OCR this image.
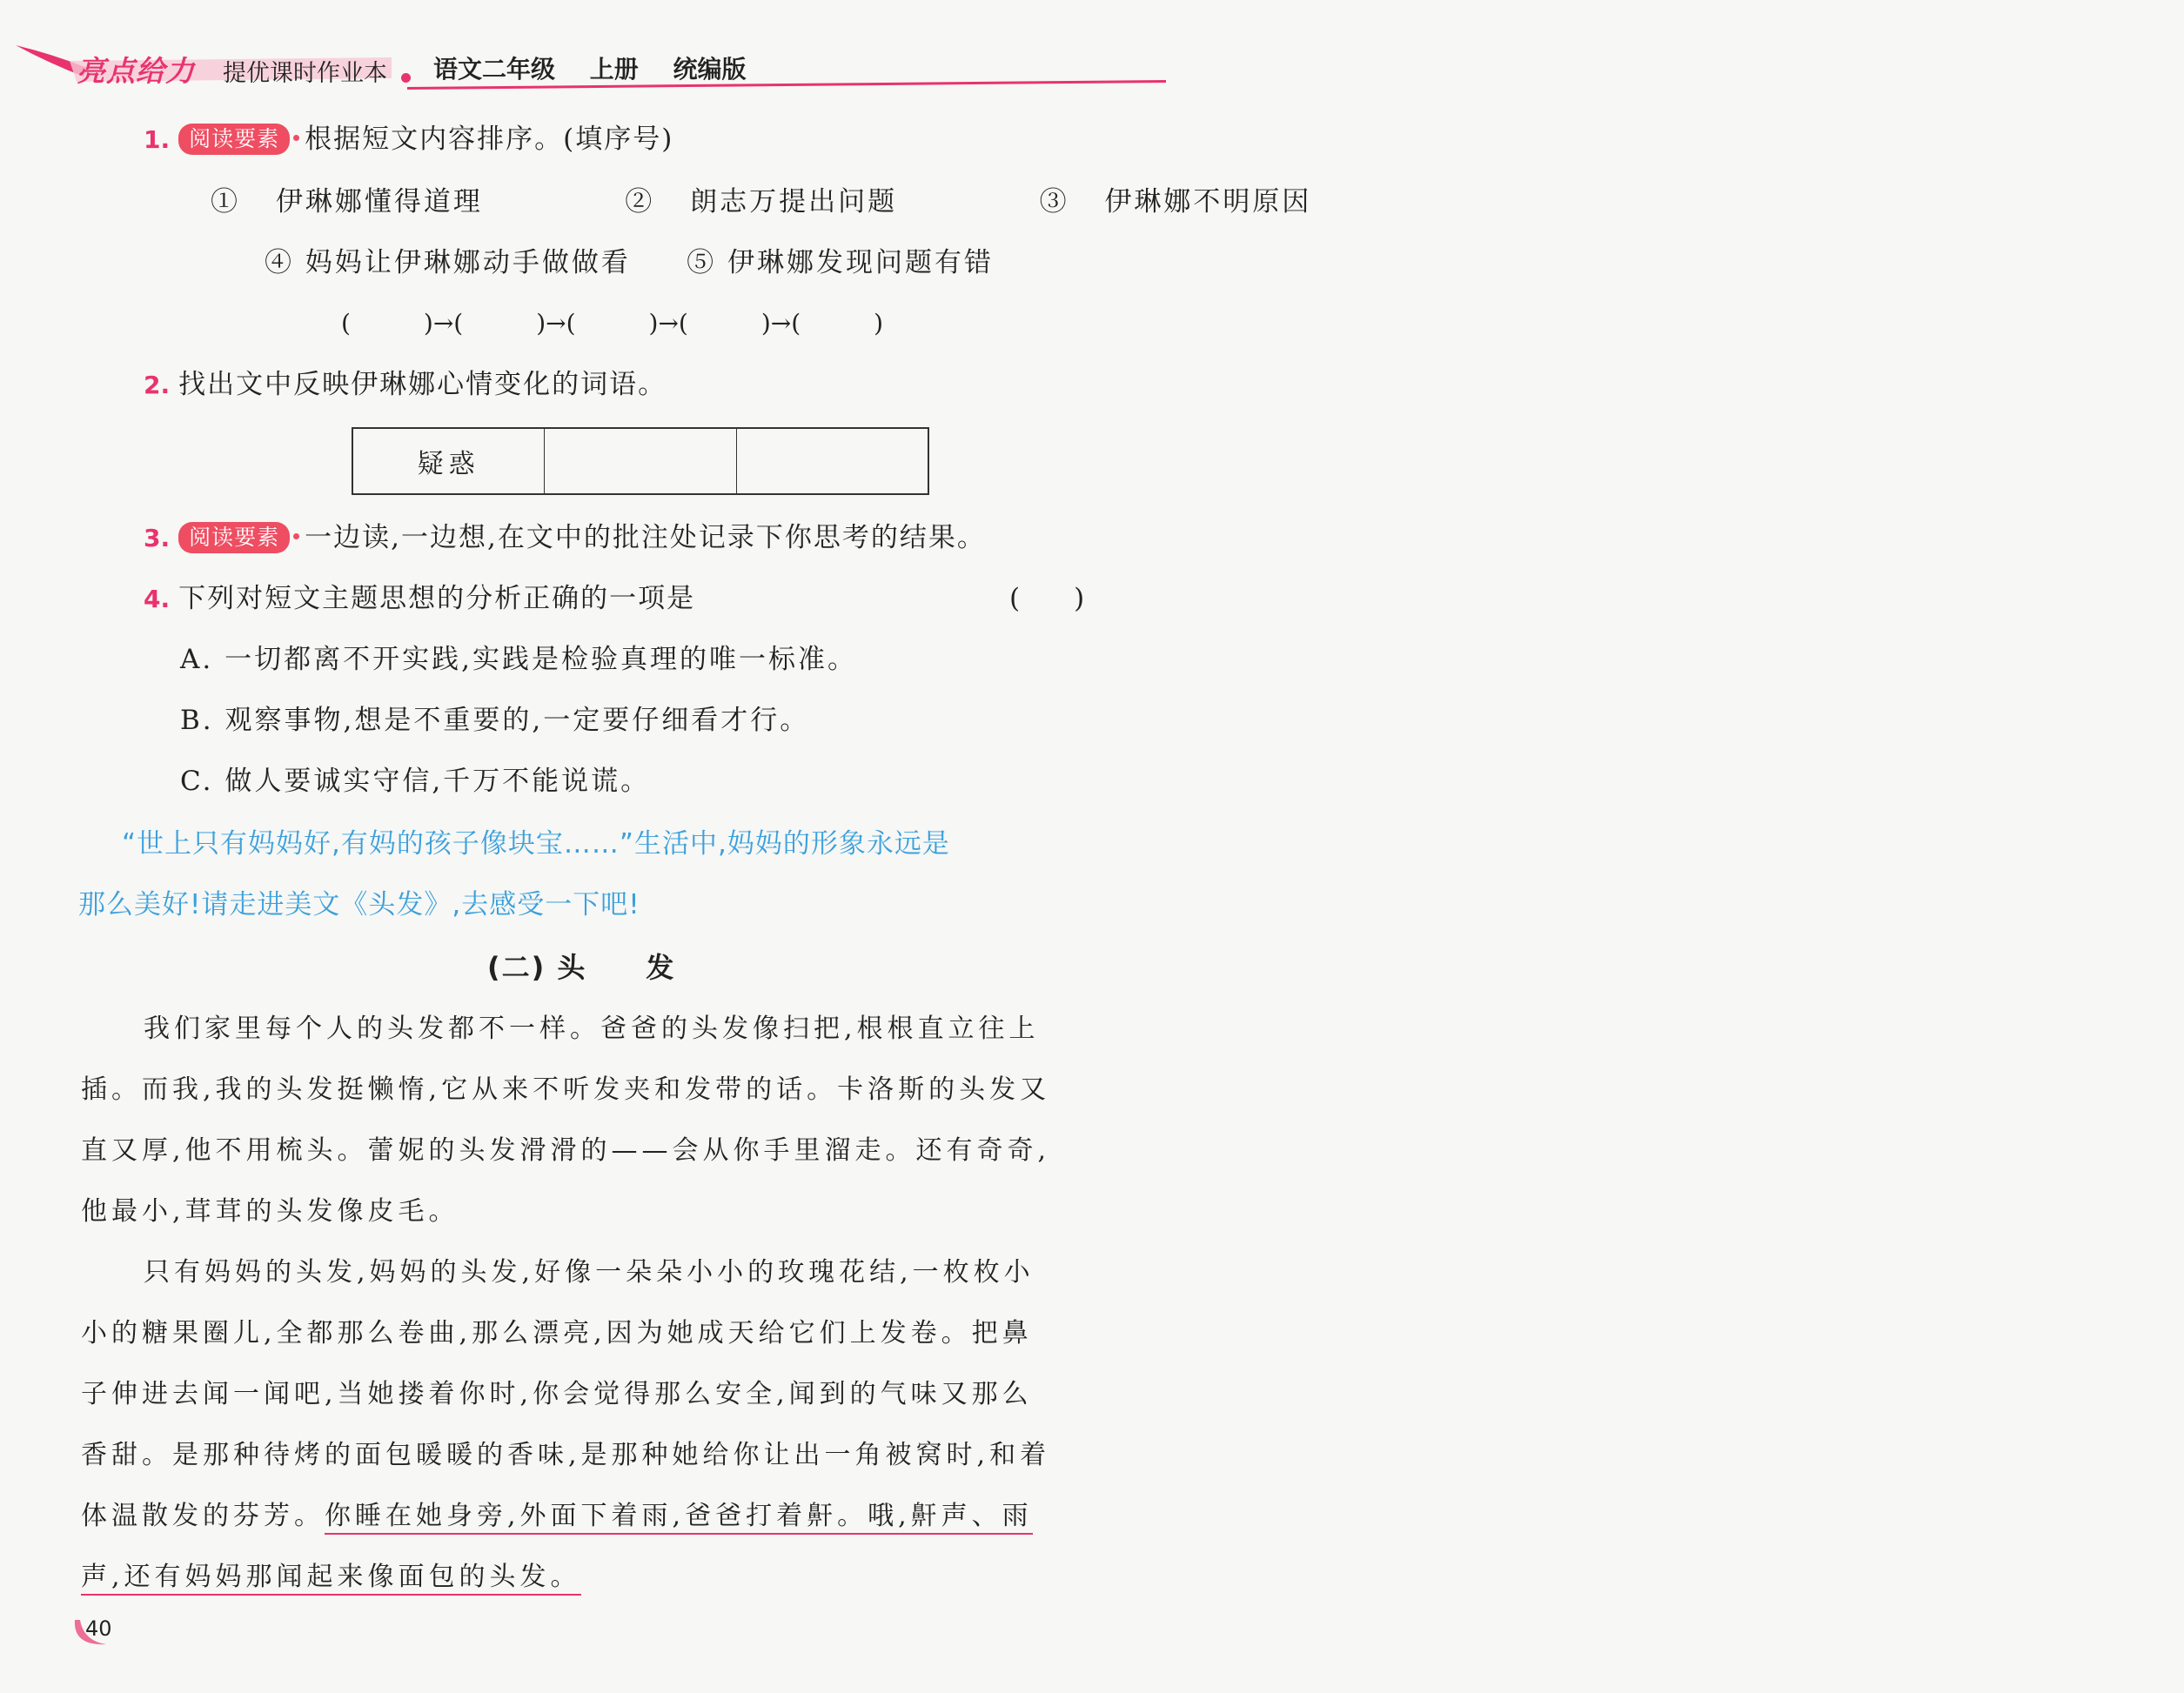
亮点给力 提优课时作业本 语文二年级 上册 统编版
1. 阅读要素 根据短文内容排序。(填序号)
① 伊琳娜懂得道理	② 朗志万提出问题	③ 伊琳娜不明原因
④ 妈妈让伊琳娜动手做做看 ⑤ 伊琳娜发现问题有错
(　　　)→(　　　)→(　　　)→(　　　)→(　　　)
2. 找出文中反映伊琳娜心情变化的词语。
疑惑
3. 阅读要素 一边读,一边想,在文中的批注处记录下你思考的结果。
4. 下列对短文主题思想的分析正确的一项是	(　　)
A. 一切都离不开实践,实践是检验真理的唯一标准。
B. 观察事物,想是不重要的,一定要仔细看才行。
C. 做人要诚实守信,千万不能说谎。
“世上只有妈妈好,有妈的孩子像块宝……”生活中,妈妈的形象永远是
那么美好!请走进美文《头发》,去感受一下吧!
(二) 头　　发
我们家里每个人的头发都不一样。爸爸的头发像扫把,根根直立往上
插。而我,我的头发挺懒惰,它从来不听发夹和发带的话。卡洛斯的头发又
直又厚,他不用梳头。蕾妮的头发滑滑的——会从你手里溜走。还有奇奇,
他最小,茸茸的头发像皮毛。
只有妈妈的头发,妈妈的头发,好像一朵朵小小的玫瑰花结,一枚枚小
小的糖果圈儿,全都那么卷曲,那么漂亮,因为她成天给它们上发卷。把鼻
子伸进去闻一闻吧,当她搂着你时,你会觉得那么安全,闻到的气味又那么
香甜。是那种待烤的面包暖暖的香味,是那种她给你让出一角被窝时,和着
体温散发的芬芳。你睡在她身旁,外面下着雨,爸爸打着鼾。哦,鼾声、雨
声,还有妈妈那闻起来像面包的头发。
40
